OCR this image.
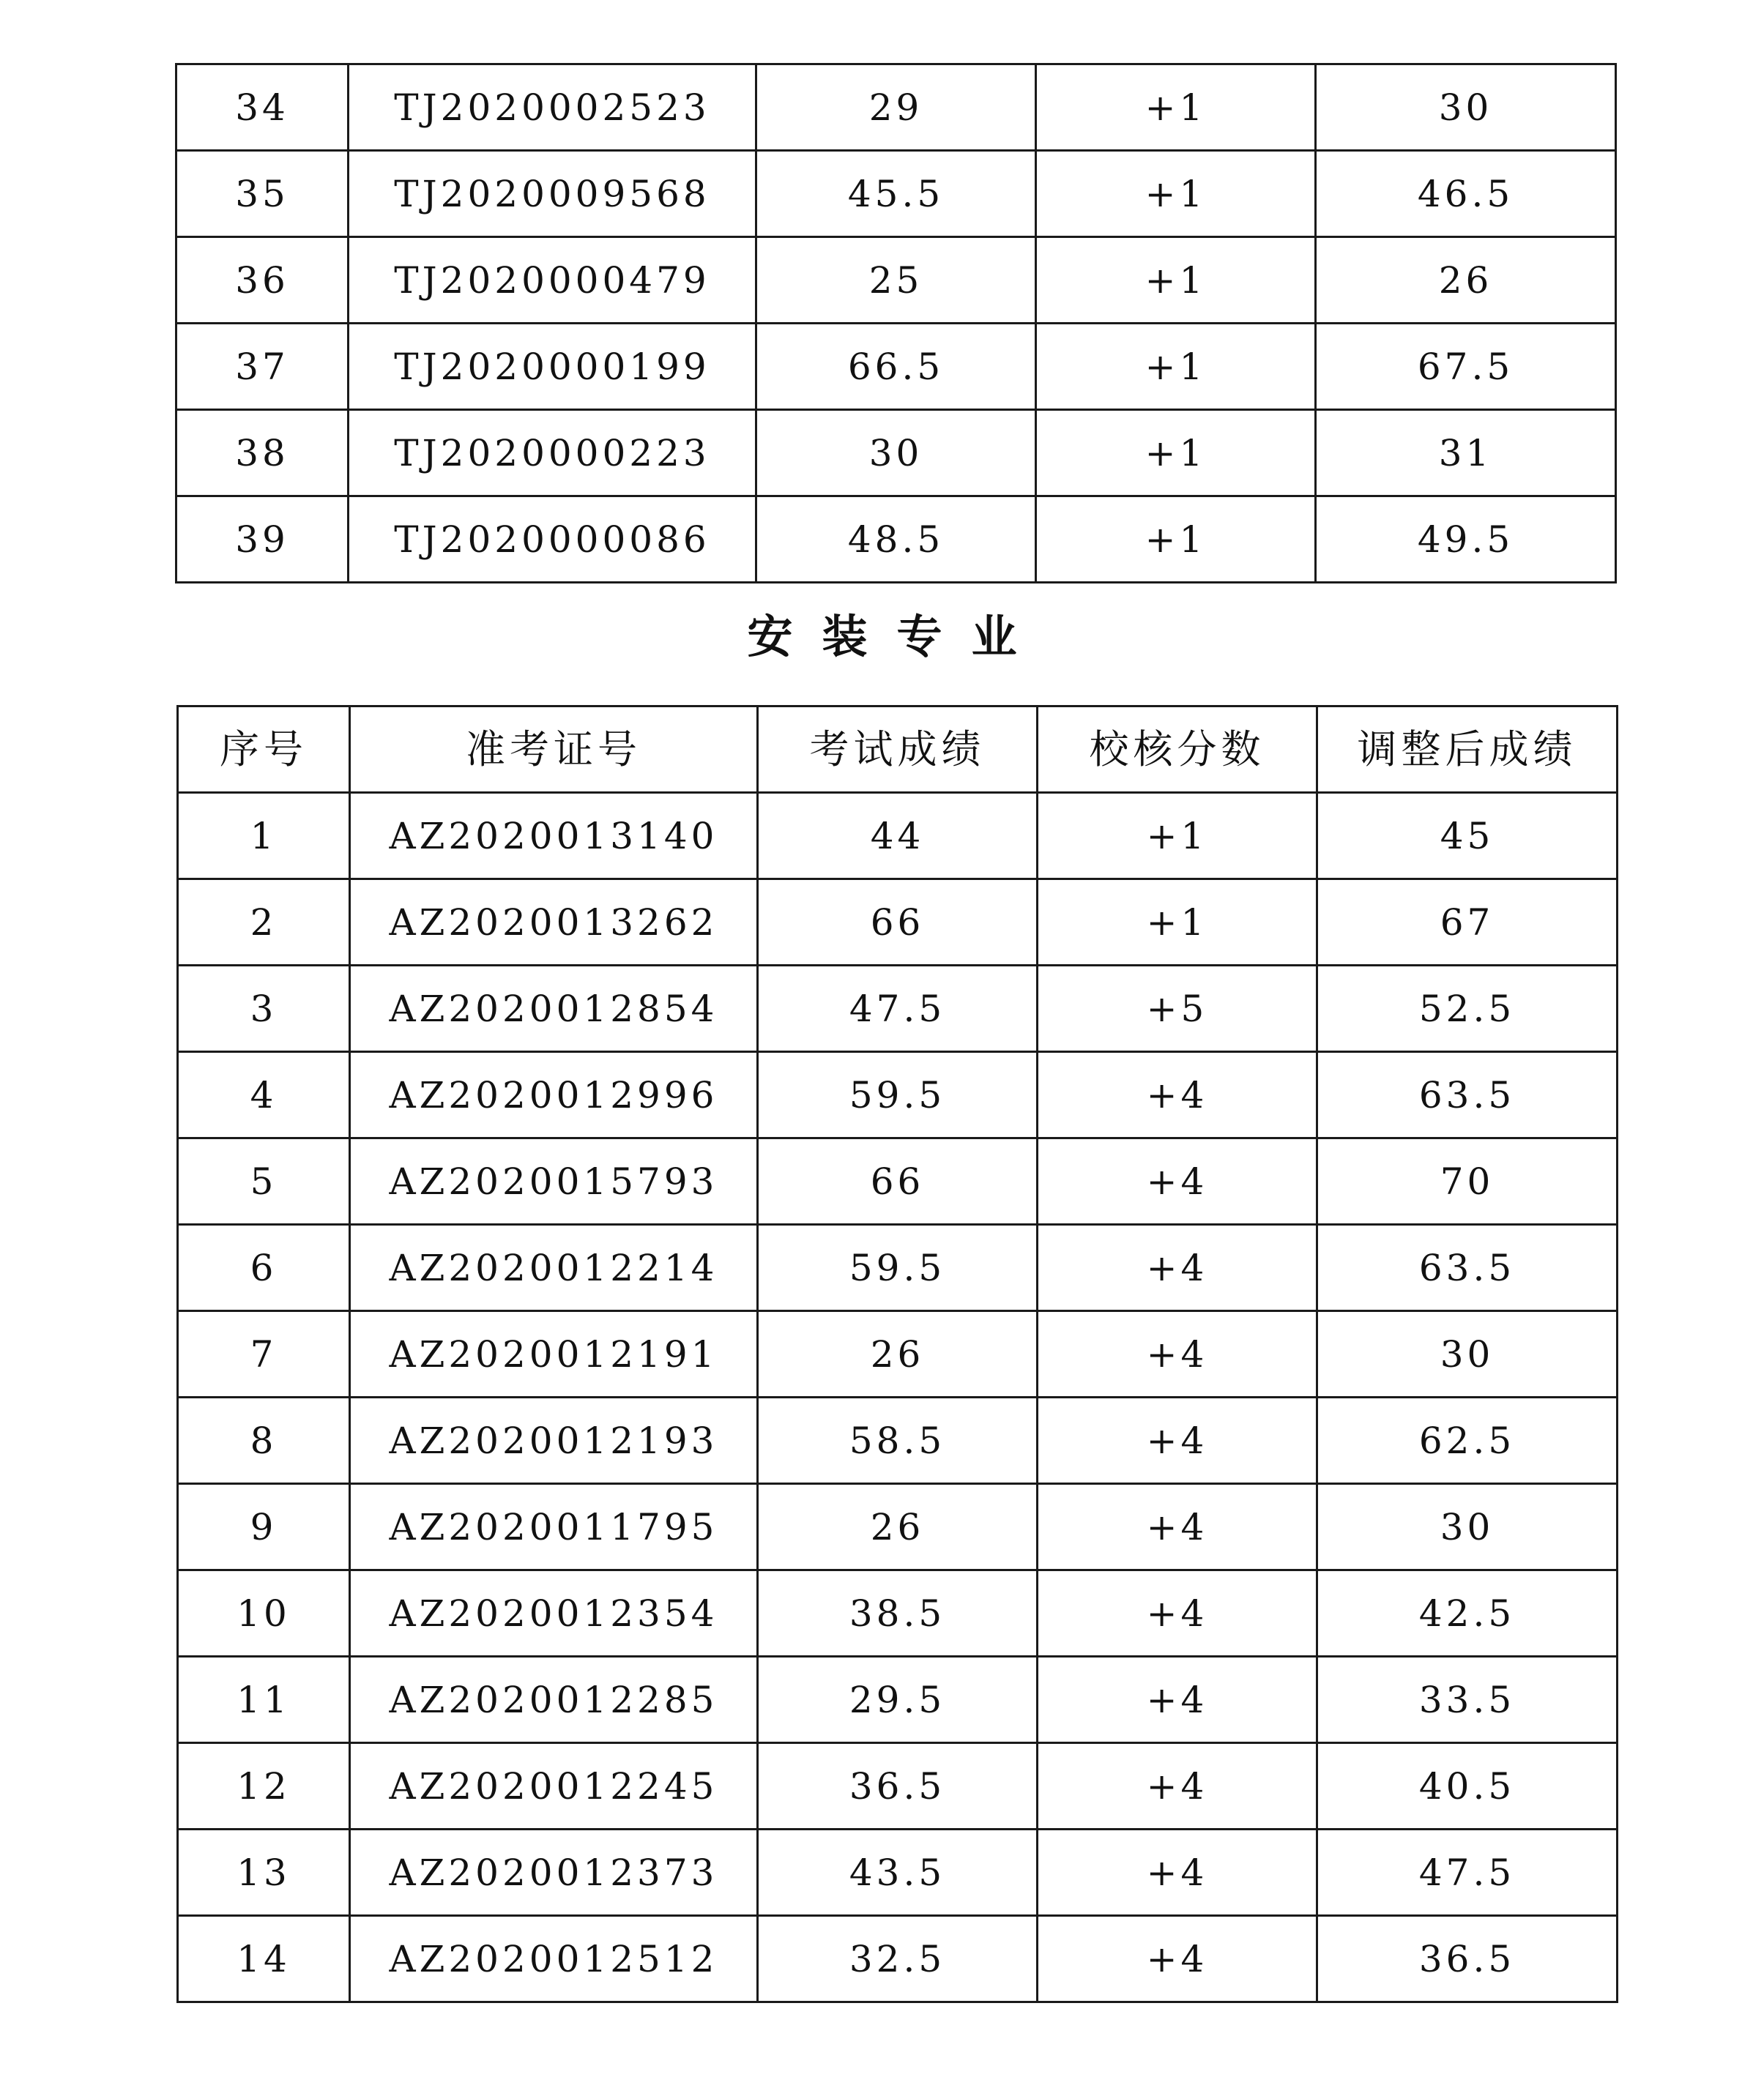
34	TJ2020002523	29	+1	30
35	TJ2020009568	45.5	+1	46.5
36	TJ2020000479	25	+1	26
37	TJ2020000199	66.5	+1	67.5
38	TJ2020000223	30	+1	31
39	TJ2020000086	48.5	+1	49.5
安装专业
序号	准考证号	考试成绩	校核分数	调整后成绩
1	AZ2020013140	44	+1	45
2	AZ2020013262	66	+1	67
3	AZ2020012854	47.5	+5	52.5
4	AZ2020012996	59.5	+4	63.5
5	AZ2020015793	66	+4	70
6	AZ2020012214	59.5	+4	63.5
7	AZ2020012191	26	+4	30
8	AZ2020012193	58.5	+4	62.5
9	AZ2020011795	26	+4	30
10	AZ2020012354	38.5	+4	42.5
11	AZ2020012285	29.5	+4	33.5
12	AZ2020012245	36.5	+4	40.5
13	AZ2020012373	43.5	+4	47.5
14	AZ2020012512	32.5	+4	36.5
